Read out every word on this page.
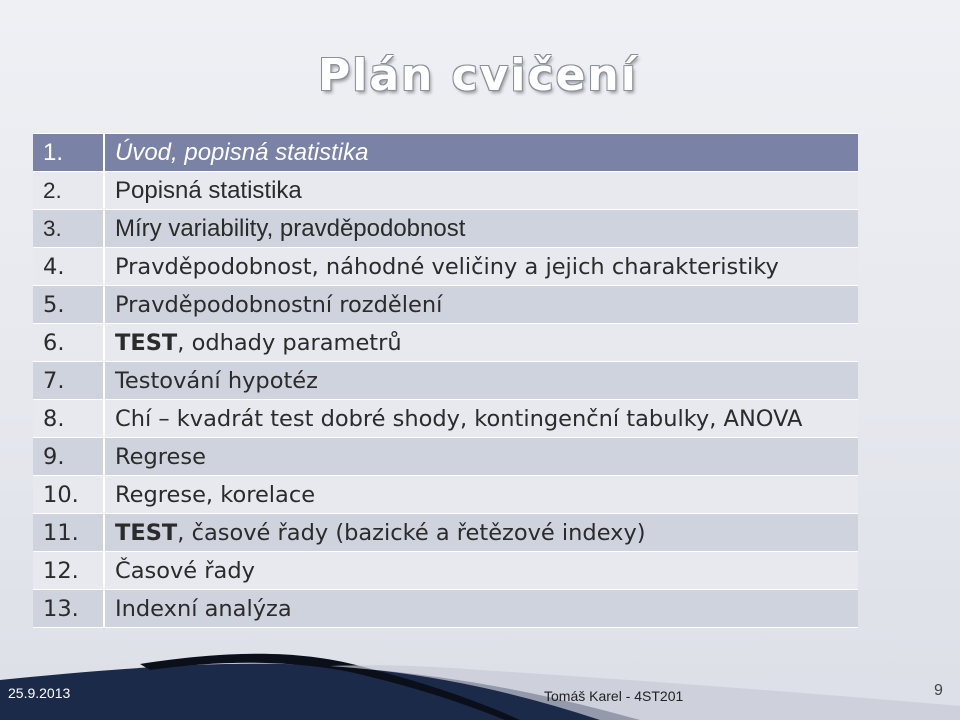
Plán cvičení
1.	Úvod, popisná statistika
2.	Popisná statistika
3.	Míry variability, pravděpodobnost
4.	Pravděpodobnost, náhodné veličiny a jejich charakteristiky
5.	Pravděpodobnostní rozdělení
6.	TEST, odhady parametrů
7.	Testování hypotéz
8.	Chí – kvadrát test dobré shody, kontingenční tabulky, ANOVA
9.	Regrese
10.	Regrese, korelace
11.	TEST, časové řady (bazické a řetězové indexy)
12.	Časové řady
13.	Indexní analýza
25.9.2013	Tomáš Karel - 4ST201	9
